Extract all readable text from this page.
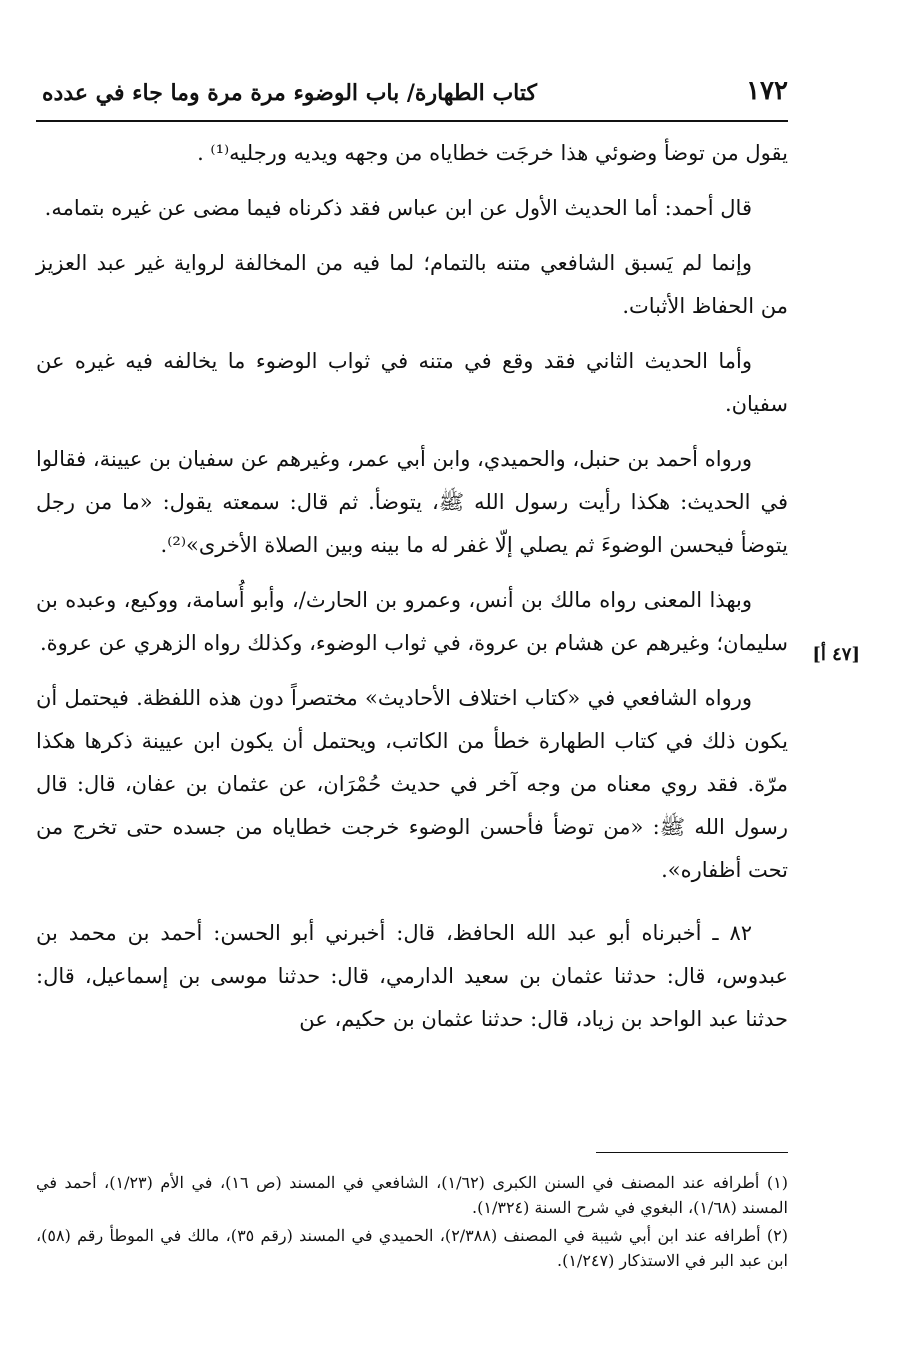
١٧٢
كتاب الطهارة/ باب الوضوء مرة مرة وما جاء في عدده
[٤٧ أ]

يقول من توضأ وضوئي هذا خرجَت خطاياه من وجهه ويديه ورجليه⁽¹⁾ .

قال أحمد: أما الحديث الأول عن ابن عباس فقد ذكرناه فيما مضى عن غيره بتمامه.

وإنما لم يَسبق الشافعي متنه بالتمام؛ لما فيه من المخالفة لرواية غير عبد العزيز من الحفاظ الأثبات.

وأما الحديث الثاني فقد وقع في متنه في ثواب الوضوء ما يخالفه فيه غيره عن سفيان.

ورواه أحمد بن حنبل، والحميدي، وابن أبي عمر، وغيرهم عن سفيان بن عيينة، فقالوا في الحديث: هكذا رأيت رسول الله ﷺ، يتوضأ. ثم قال: سمعته يقول: «ما من رجل يتوضأ فيحسن الوضوءَ ثم يصلي إلّا غفر له ما بينه وبين الصلاة الأخرى»⁽²⁾.

وبهذا المعنى رواه مالك بن أنس، وعمرو بن الحارث/، وأبو أُسامة، ووكيع، وعبده بن سليمان؛ وغيرهم عن هشام بن عروة، في ثواب الوضوء، وكذلك رواه الزهري عن عروة.

ورواه الشافعي في «كتاب اختلاف الأحاديث» مختصراً دون هذه اللفظة. فيحتمل أن يكون ذلك في كتاب الطهارة خطأ من الكاتب، ويحتمل أن يكون ابن عيينة ذكرها هكذا مرّة. فقد روي معناه من وجه آخر في حديث حُمْرَان، عن عثمان بن عفان، قال: قال رسول الله ﷺ: «من توضأ فأحسن الوضوء خرجت خطاياه من جسده حتى تخرج من تحت أظفاره».

٨٢ ـ أخبرناه أبو عبد الله الحافظ، قال: أخبرني أبو الحسن: أحمد بن محمد بن عبدوس، قال: حدثنا عثمان بن سعيد الدارمي، قال: حدثنا موسى بن إسماعيل، قال: حدثنا عبد الواحد بن زياد، قال: حدثنا عثمان بن حكيم، عن

(١) أطرافه عند المصنف في السنن الكبرى (١/٦٢)، الشافعي في المسند (ص ١٦)، في الأم (١/٢٣)، أحمد في المسند (١/٦٨)، البغوي في شرح السنة (١/٣٢٤).

(٢) أطرافه عند ابن أبي شيبة في المصنف (٢/٣٨٨)، الحميدي في المسند (رقم ٣٥)، مالك في الموطأ رقم (٥٨)، ابن عبد البر في الاستذكار (١/٢٤٧).
